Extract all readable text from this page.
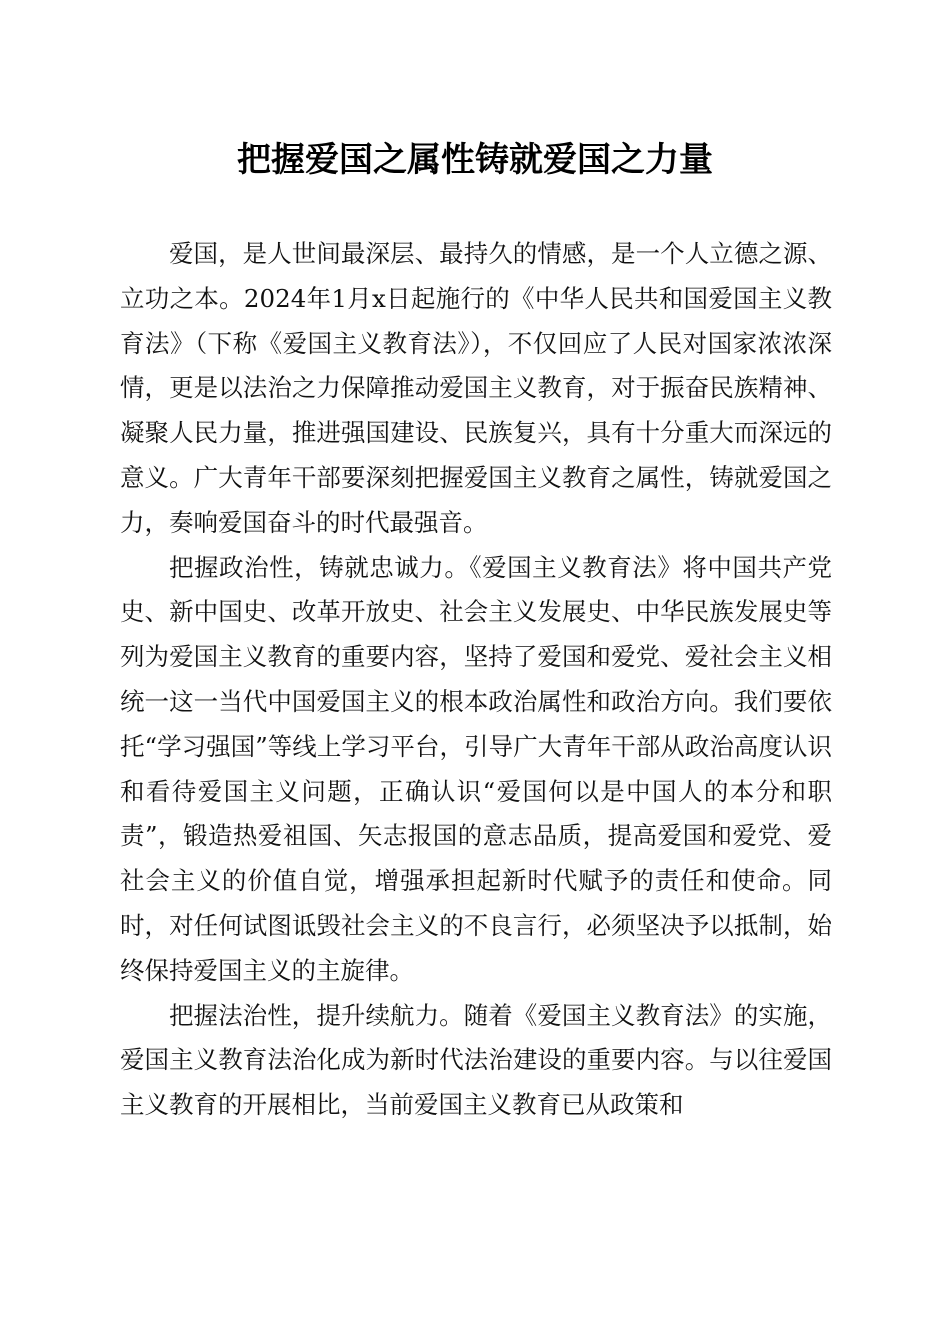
把握爱国之属性铸就爱国之力量

爱国，是人世间最深层、最持久的情感，是一个人立德之源、立功之本。2024年1月x日起施行的《中华人民共和国爱国主义教育法》（下称《爱国主义教育法》），不仅回应了人民对国家浓浓深情，更是以法治之力保障推动爱国主义教育，对于振奋民族精神、凝聚人民力量，推进强国建设、民族复兴，具有十分重大而深远的意义。广大青年干部要深刻把握爱国主义教育之属性，铸就爱国之力，奏响爱国奋斗的时代最强音。

把握政治性，铸就忠诚力。《爱国主义教育法》将中国共产党史、新中国史、改革开放史、社会主义发展史、中华民族发展史等列为爱国主义教育的重要内容，坚持了爱国和爱党、爱社会主义相统一这一当代中国爱国主义的根本政治属性和政治方向。我们要依托“学习强国”等线上学习平台，引导广大青年干部从政治高度认识和看待爱国主义问题，正确认识“爱国何以是中国人的本分和职责”，锻造热爱祖国、矢志报国的意志品质，提高爱国和爱党、爱社会主义的价值自觉，增强承担起新时代赋予的责任和使命。同时，对任何试图诋毁社会主义的不良言行，必须坚决予以抵制，始终保持爱国主义的主旋律。

把握法治性，提升续航力。随着《爱国主义教育法》的实施，爱国主义教育法治化成为新时代法治建设的重要内容。与以往爱国主义教育的开展相比，当前爱国主义教育已从政策和
